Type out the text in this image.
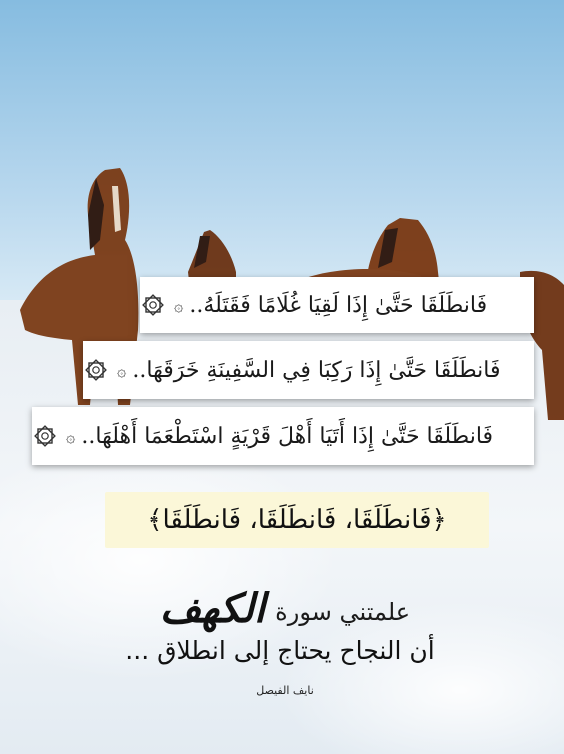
فَانطَلَقَا حَتَّىٰ إِذَا لَقِيَا غُلَامًا فَقَتَلَهُ..
۞
فَانطَلَقَا حَتَّىٰ إِذَا رَكِبَا فِي السَّفِينَةِ خَرَقَهَا..
۞
فَانطَلَقَا حَتَّىٰ إِذَا أَتَيَا أَهْلَ قَرْيَةٍ اسْتَطْعَمَا أَهْلَهَا..
۞
﴿فَانطَلَقَا، فَانطَلَقَا، فَانطَلَقَا﴾
علمتني سورة
الكهف
أن النجاح يحتاج إلى انطلاق ...
نايف الفيصل
